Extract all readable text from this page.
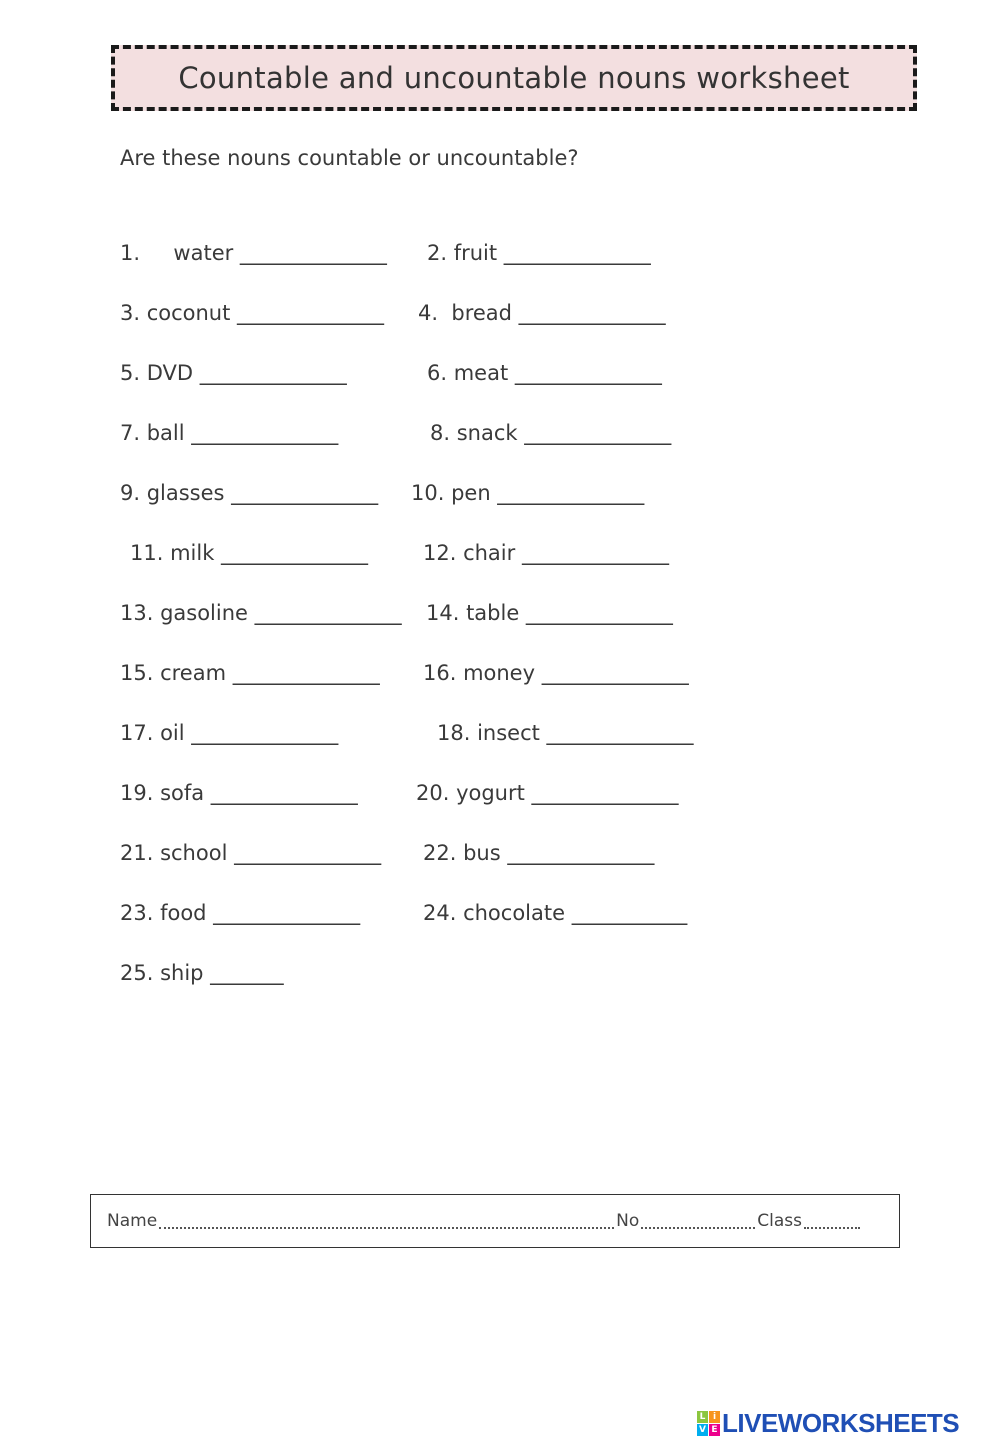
Countable and uncountable nouns worksheet
Are these nouns countable or uncountable?
1.     water ______________ 2. fruit ______________
3. coconut ______________ 4.  bread ______________
5. DVD ______________	6. meat ______________
7. ball ______________	8. snack ______________
9. glasses ______________ 10. pen ______________
11. milk ______________	12. chair ______________
13. gasoline ______________ 14. table ______________
15. cream ______________ 16. money ______________
17. oil ______________	18. insect ______________
19. sofa ______________	20. yogurt ______________
21. school ______________ 22. bus ______________
23. food ______________	24. chocolate ___________
25. ship _______
Name	No	Class
L i
V E LIVEWORKSHEETS
